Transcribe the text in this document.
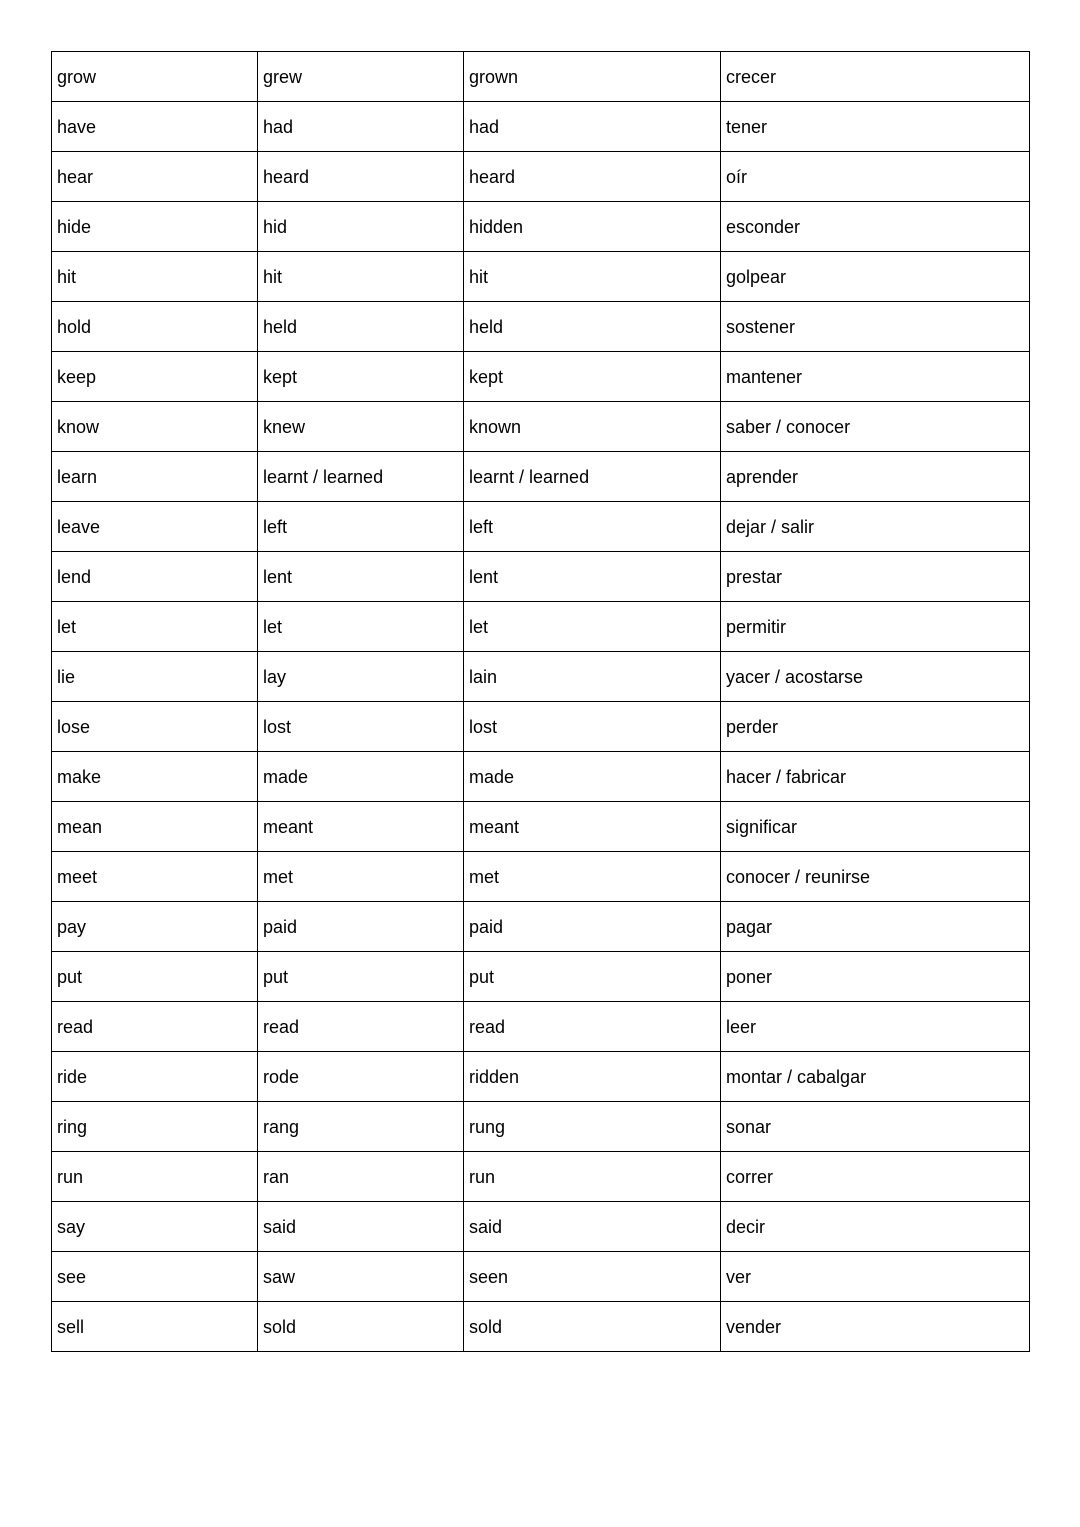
grow	grew	grown	crecer
have	had	had	tener
hear	heard	heard	oír
hide	hid	hidden	esconder
hit	hit	hit	golpear
hold	held	held	sostener
keep	kept	kept	mantener
know	knew	known	saber / conocer
learn	learnt / learned	learnt / learned	aprender
leave	left	left	dejar / salir
lend	lent	lent	prestar
let	let	let	permitir
lie	lay	lain	yacer / acostarse
lose	lost	lost	perder
make	made	made	hacer / fabricar
mean	meant	meant	significar
meet	met	met	conocer / reunirse
pay	paid	paid	pagar
put	put	put	poner
read	read	read	leer
ride	rode	ridden	montar / cabalgar
ring	rang	rung	sonar
run	ran	run	correr
say	said	said	decir
see	saw	seen	ver
sell	sold	sold	vender
